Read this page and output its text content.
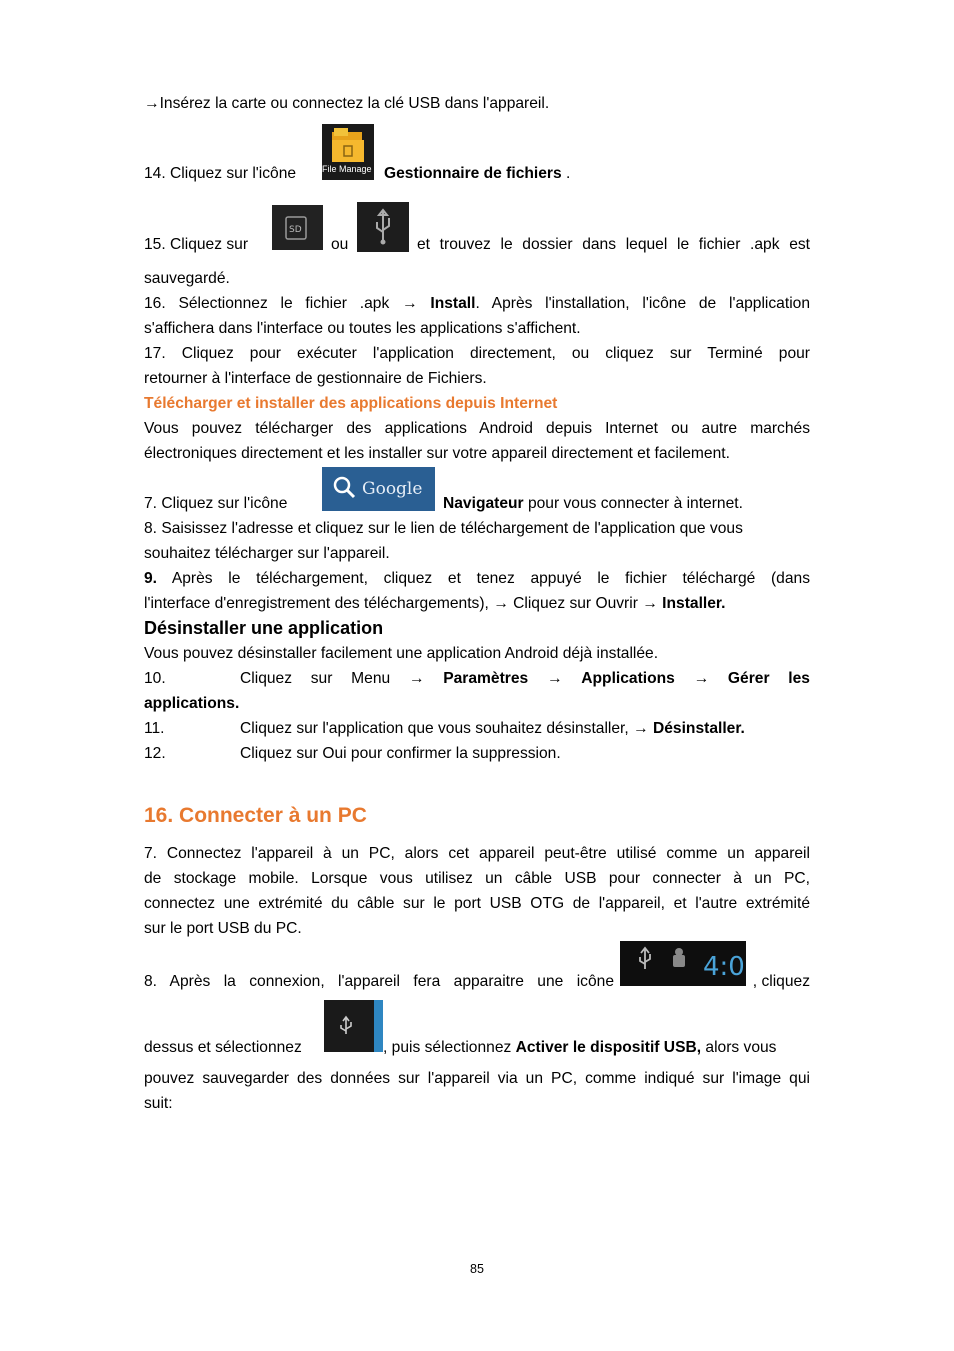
→Insérez la carte ou connectez la clé USB dans l'appareil.
14. Cliquez sur l'icône	File Manage Gestionnaire de fichiers .
15. Cliquez sur
SD
ou	et trouvez le dossier dans lequel le fichier .apk est
sauvegardé.
16. Sélectionnez le fichier .apk → Install. Après l'installation, l'icône de l'application
s'affichera dans l'interface ou toutes les applications s'affichent.
17. Cliquez pour exécuter l'application directement, ou cliquez sur Terminé pour
retourner à l'interface de gestionnaire de Fichiers.
Télécharger et installer des applications depuis Internet
Vous pouvez télécharger des applications Android depuis Internet ou autre marchés
électroniques directement et les installer sur votre appareil directement et facilement.
7. Cliquez sur l'icône
Google
Navigateur pour vous connecter à internet.
8. Saisissez l'adresse et cliquez sur le lien de téléchargement de l'application que vous
souhaitez télécharger sur l'appareil.
9. Après le téléchargement, cliquez et tenez appuyé le fichier téléchargé (dans
l'interface d'enregistrement des téléchargements), → Cliquez sur Ouvrir → Installer.
Désinstaller une application
Vous pouvez désinstaller facilement une application Android déjà installée.
10.	Cliquez sur Menu → Paramètres → Applications → Gérer les
applications.
11.	Cliquez sur l'application que vous souhaitez désinstaller, → Désinstaller.
12.	Cliquez sur Oui pour confirmer la suppression.
16. Connecter à un PC
7. Connectez l'appareil à un PC, alors cet appareil peut-être utilisé comme un appareil
de stockage mobile. Lorsque vous utilisez un câble USB pour connecter à un PC,
connectez une extrémité du câble sur le port USB OTG de l'appareil, et l'autre extrémité
sur le port USB du PC.
8. Après la connexion, l'appareil fera apparaitre une icône	4:0 , cliquez
dessus et sélectionnez	, puis sélectionnez Activer le dispositif USB, alors vous
pouvez sauvegarder des données sur l'appareil via un PC, comme indiqué sur l'image qui
suit:
85
